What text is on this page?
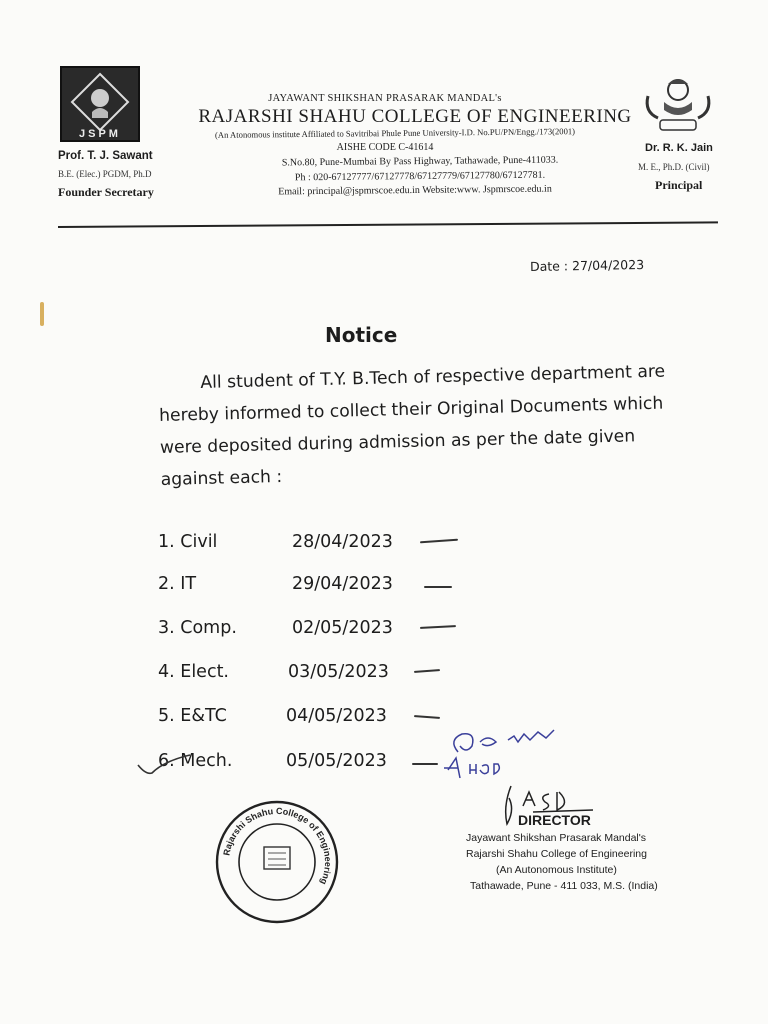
JSPM
Prof. T. J. Sawant
B.E. (Elec.) PGDM, Ph.D
Founder Secretary
JAYAWANT SHIKSHAN PRASARAK MANDAL's
RAJARSHI SHAHU COLLEGE OF ENGINEERING
(An Atonomous institute Affiliated to Savitribai Phule Pune University-I.D. No.PU/PN/Engg./173(2001)
AISHE CODE C-41614
S.No.80, Pune-Mumbai By Pass Highway, Tathawade, Pune-411033.
Ph : 020-67127777/67127778/67127779/67127780/67127781.
Email: principal@jspmrscoe.edu.in Website:www. Jspmrscoe.edu.in
Dr. R. K. Jain
M. E., Ph.D. (Civil)
Principal
Date : 27/04/2023
Notice
All student of T.Y. B.Tech of respective department are
hereby informed to collect their Original Documents which
were deposited during admission as per the date given
against each :
1. Civil	28/04/2023
2. IT	29/04/2023
3. Comp.	02/05/2023
4. Elect.	03/05/2023
5. E&TC	04/05/2023
6. Mech.	05/05/2023
Rajarshi Shahu College of Engineering
DIRECTOR
Jayawant Shikshan Prasarak Mandal's
Rajarshi Shahu College of Engineering
(An Autonomous Institute)
Tathawade, Pune - 411 033, M.S. (India)
